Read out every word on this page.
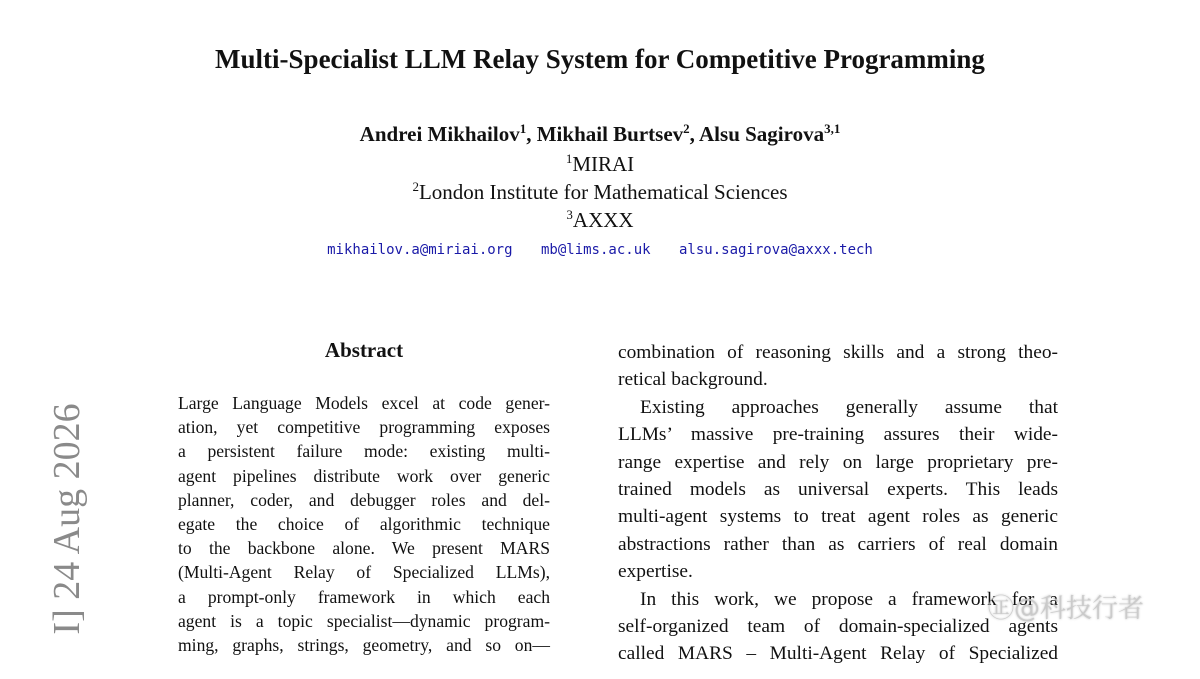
Multi-Specialist LLM Relay System for Competitive Programming
Andrei Mikhailov$^1$, Mikhail Burtsev$^2$, Alsu Sagirova$^{3,1}$
$^1$MIRAI
$^2$London Institute for Mathematical Sciences
$^3$AXXX
mikhailov.a@miriai.org mb@lims.ac.uk alsu.sagirova@axxx.tech
I] 24 Aug 2026
Abstract
Large Language Models excel at code gener-
ation, yet competitive programming exposes
a persistent failure mode: existing multi-
agent pipelines distribute work over generic
planner, coder, and debugger roles and del-
egate the choice of algorithmic technique
to the backbone alone. We present MARS
(Multi-Agent Relay of Specialized LLMs),
a prompt-only framework in which each
agent is a topic specialist—dynamic program-
ming, graphs, strings, geometry, and so on—
combination of reasoning skills and a strong theo-
retical background.
Existing approaches generally assume that
LLMs’ massive pre-training assures their wide-
range expertise and rely on large proprietary pre-
trained models as universal experts. This leads
multi-agent systems to treat agent roles as generic
abstractions rather than as carriers of real domain
expertise.
In this work, we propose a framework for a
self-organized team of domain-specialized agents
called MARS – Multi-Agent Relay of Specialized
㊣@科技行者
